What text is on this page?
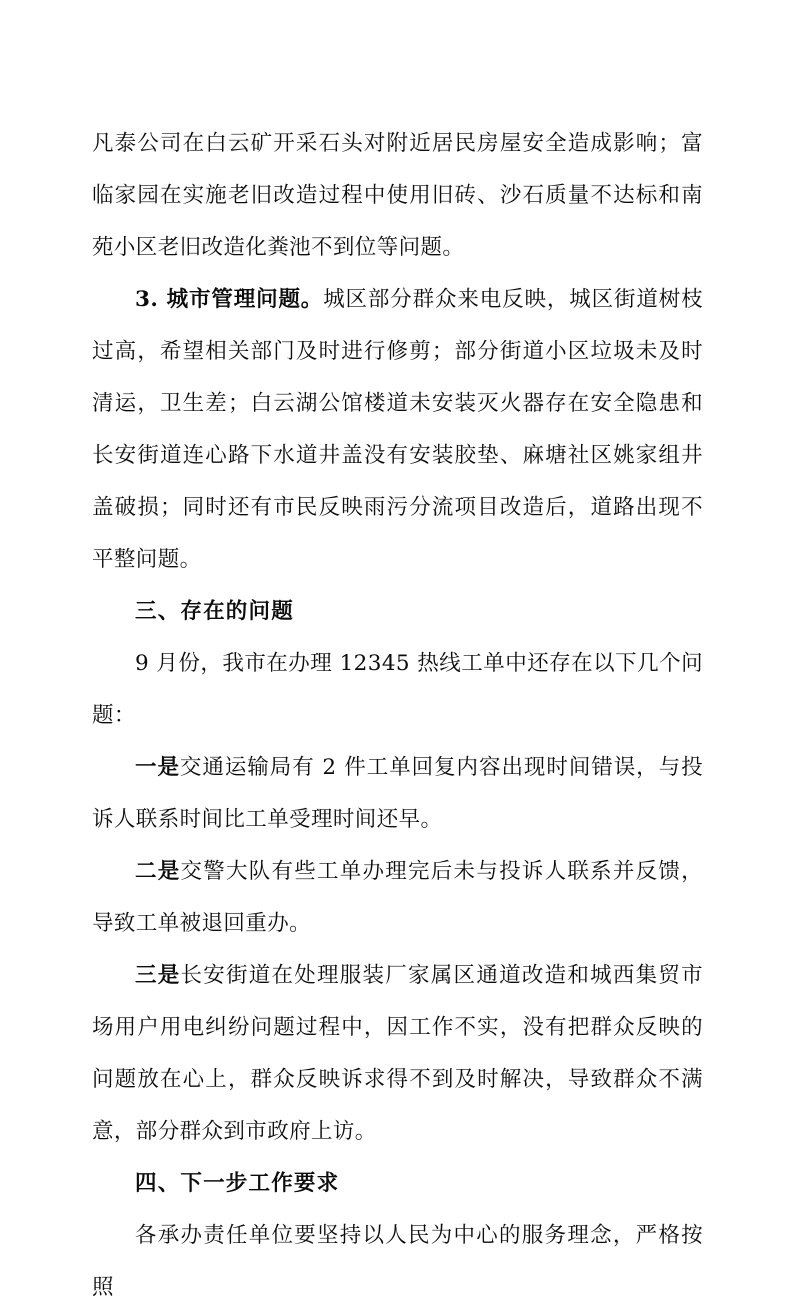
凡泰公司在白云矿开采石头对附近居民房屋安全造成影响；富临家园在实施老旧改造过程中使用旧砖、沙石质量不达标和南苑小区老旧改造化粪池不到位等问题。

3. 城市管理问题。城区部分群众来电反映，城区街道树枝过高，希望相关部门及时进行修剪；部分街道小区垃圾未及时清运，卫生差；白云湖公馆楼道未安装灭火器存在安全隐患和长安街道连心路下水道井盖没有安装胶垫、麻塘社区姚家组井盖破损；同时还有市民反映雨污分流项目改造后，道路出现不平整问题。

三、存在的问题

9 月份，我市在办理 12345 热线工单中还存在以下几个问题：

一是交通运输局有 2 件工单回复内容出现时间错误，与投诉人联系时间比工单受理时间还早。

二是交警大队有些工单办理完后未与投诉人联系并反馈，导致工单被退回重办。

三是长安街道在处理服装厂家属区通道改造和城西集贸市场用户用电纠纷问题过程中，因工作不实，没有把群众反映的问题放在心上，群众反映诉求得不到及时解决，导致群众不满意，部分群众到市政府上访。

四、下一步工作要求

各承办责任单位要坚持以人民为中心的服务理念，严格按照
